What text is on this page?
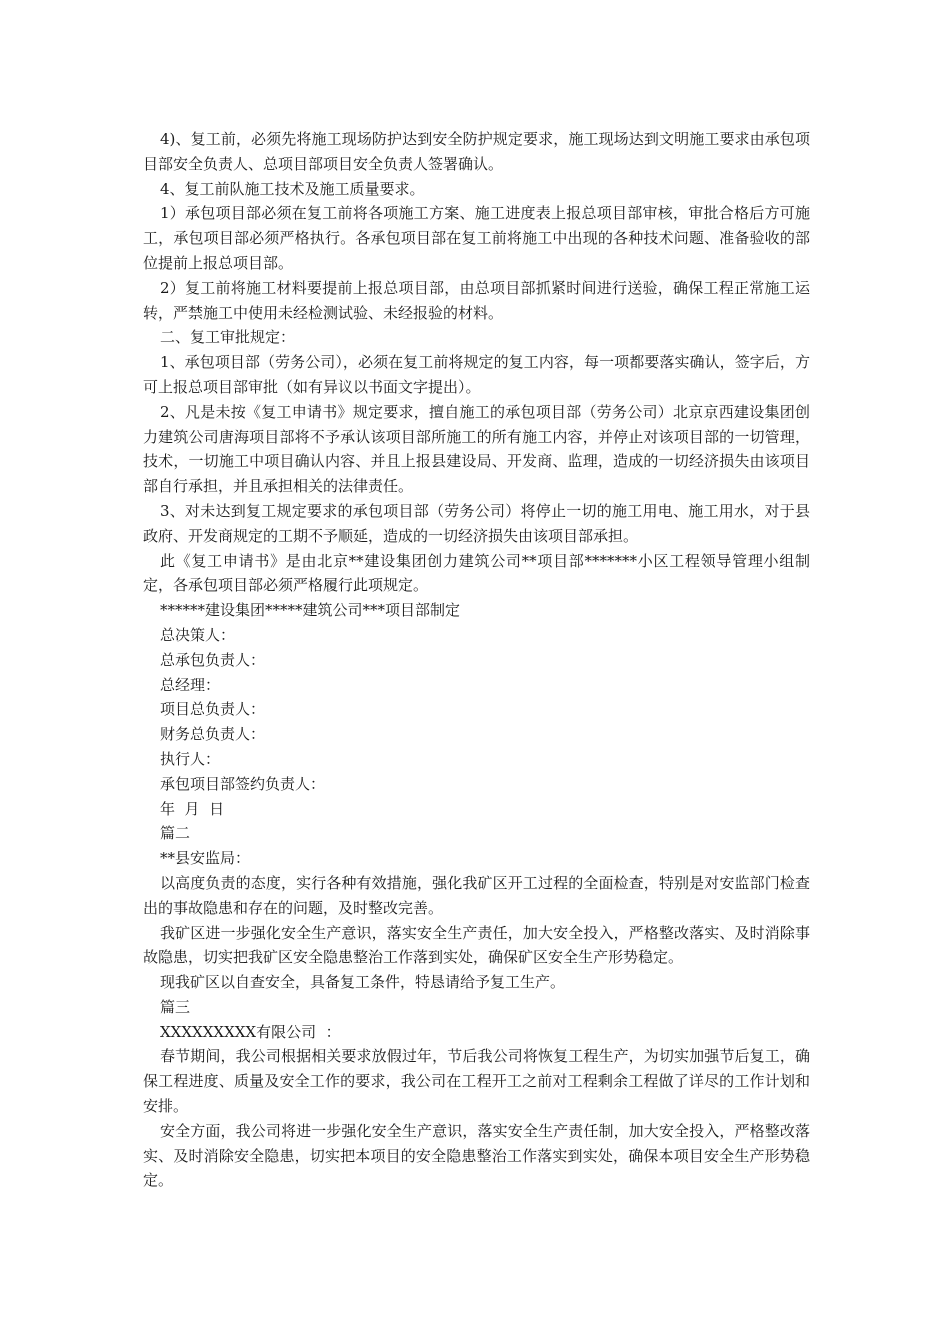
4)、复工前，必须先将施工现场防护达到安全防护规定要求，施工现场达到文明施工要求由承包项目部安全负责人、总项目部项目安全负责人签署确认。

4、复工前队施工技术及施工质量要求。

1）承包项目部必须在复工前将各项施工方案、施工进度表上报总项目部审核，审批合格后方可施工，承包项目部必须严格执行。各承包项目部在复工前将施工中出现的各种技术问题、准备验收的部位提前上报总项目部。

2）复工前将施工材料要提前上报总项目部，由总项目部抓紧时间进行送验，确保工程正常施工运转，严禁施工中使用未经检测试验、未经报验的材料。

二、复工审批规定：

1、承包项目部（劳务公司），必须在复工前将规定的复工内容，每一项都要落实确认，签字后，方可上报总项目部审批（如有异议以书面文字提出）。

2、凡是未按《复工申请书》规定要求，擅自施工的承包项目部（劳务公司）北京京西建设集团创力建筑公司唐海项目部将不予承认该项目部所施工的所有施工内容，并停止对该项目部的一切管理，技术，一切施工中项目确认内容、并且上报县建设局、开发商、监理，造成的一切经济损失由该项目部自行承担，并且承担相关的法律责任。

3、对未达到复工规定要求的承包项目部（劳务公司）将停止一切的施工用电、施工用水，对于县政府、开发商规定的工期不予顺延，造成的一切经济损失由该项目部承担。

此《复工申请书》是由北京**建设集团创力建筑公司**项目部*******小区工程领导管理小组制定，各承包项目部必须严格履行此项规定。

******建设集团*****建筑公司***项目部制定

总决策人：

总承包负责人：

总经理：

项目总负责人：

财务总负责人：

执行人：

承包项目部签约负责人：

年  月  日

篇二

**县安监局：

以高度负责的态度，实行各种有效措施，强化我矿区开工过程的全面检查，特别是对安监部门检查出的事故隐患和存在的问题，及时整改完善。

我矿区进一步强化安全生产意识，落实安全生产责任，加大安全投入，严格整改落实、及时消除事故隐患，切实把我矿区安全隐患整治工作落到实处，确保矿区安全生产形势稳定。

现我矿区以自查安全，具备复工条件，特恳请给予复工生产。

篇三

XXXXXXXXX有限公司  ：

春节期间，我公司根据相关要求放假过年，节后我公司将恢复工程生产，为切实加强节后复工，确保工程进度、质量及安全工作的要求，我公司在工程开工之前对工程剩余工程做了详尽的工作计划和安排。

安全方面，我公司将进一步强化安全生产意识，落实安全生产责任制，加大安全投入，严格整改落实、及时消除安全隐患，切实把本项目的安全隐患整治工作落实到实处，确保本项目安全生产形势稳定。
